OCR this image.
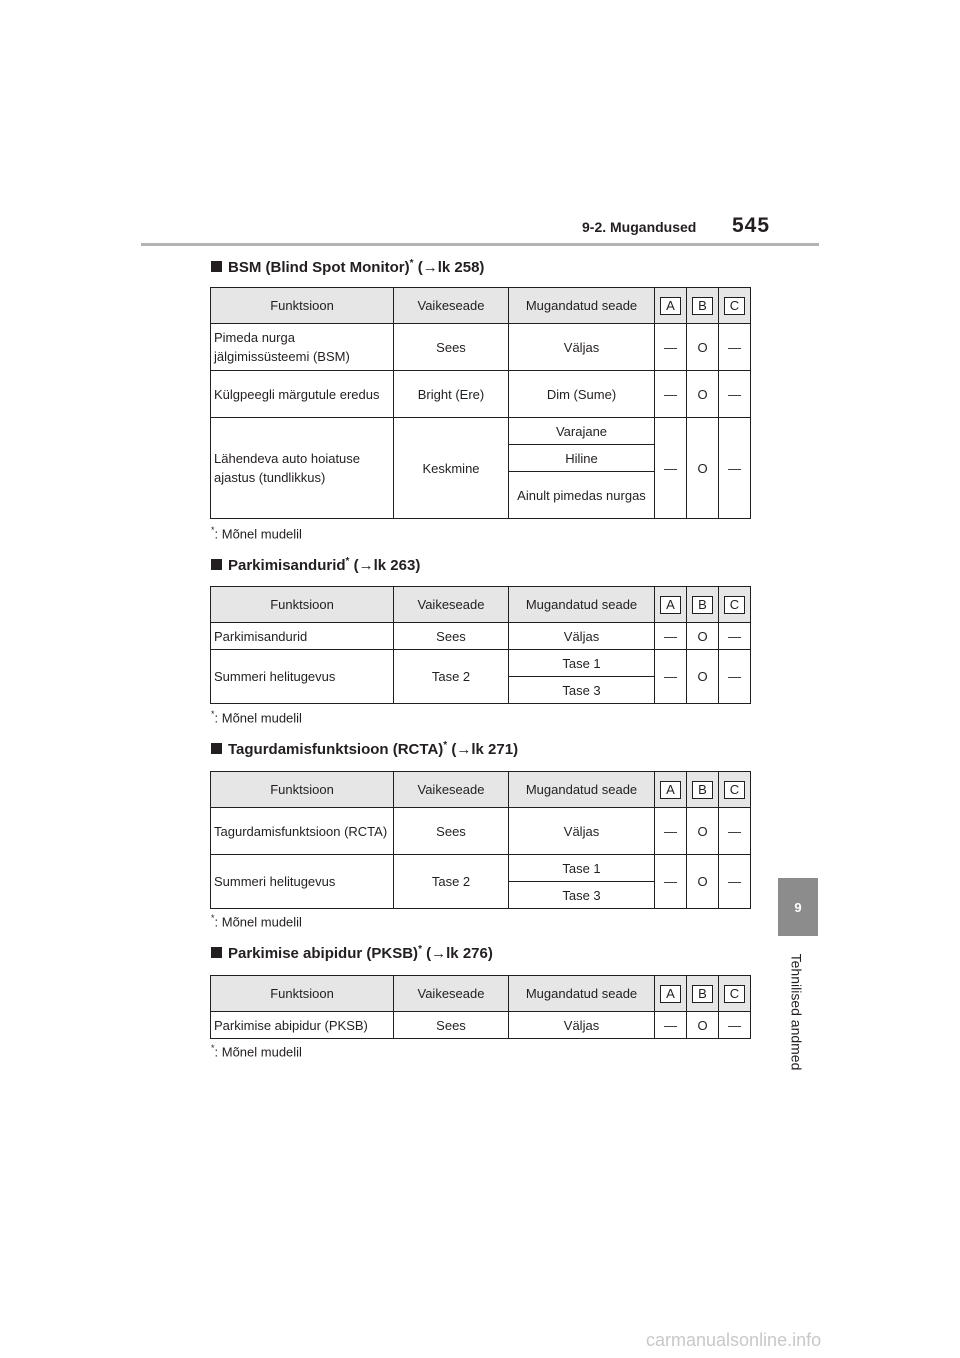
9-2. Mugandused 545
9
Tehnilised andmed
BSM (Blind Spot Monitor)* (→lk 258)
Funktsioon	Vaikeseade	Mugandatud seade	A	B	C
Pimeda nurga jälgimissüsteemi (BSM)	Sees	Väljas	—	O	—
Külgpeegli märgutule eredus	Bright (Ere)	Dim (Sume)	—	O	—
Lähendeva auto hoiatuse ajastus (tundlikkus)	Keskmine	Varajane	—	O	—
		Hiline			
		Ainult pimedas nurgas			
*: Mõnel mudelil
Parkimisandurid* (→lk 263)
Funktsioon	Vaikeseade	Mugandatud seade	A	B	C
Parkimisandurid	Sees	Väljas	—	O	—
Summeri helitugevus	Tase 2	Tase 1	—	O	—
		Tase 3			
*: Mõnel mudelil
Tagurdamisfunktsioon (RCTA)* (→lk 271)
Funktsioon	Vaikeseade	Mugandatud seade	A	B	C
Tagurdamisfunktsioon (RCTA)	Sees	Väljas	—	O	—
Summeri helitugevus	Tase 2	Tase 1	—	O	—
		Tase 3			
*: Mõnel mudelil
Parkimise abipidur (PKSB)* (→lk 276)
Funktsioon	Vaikeseade	Mugandatud seade	A	B	C
Parkimise abipidur (PKSB)	Sees	Väljas	—	O	—
*: Mõnel mudelil
carmanualsonline.info
